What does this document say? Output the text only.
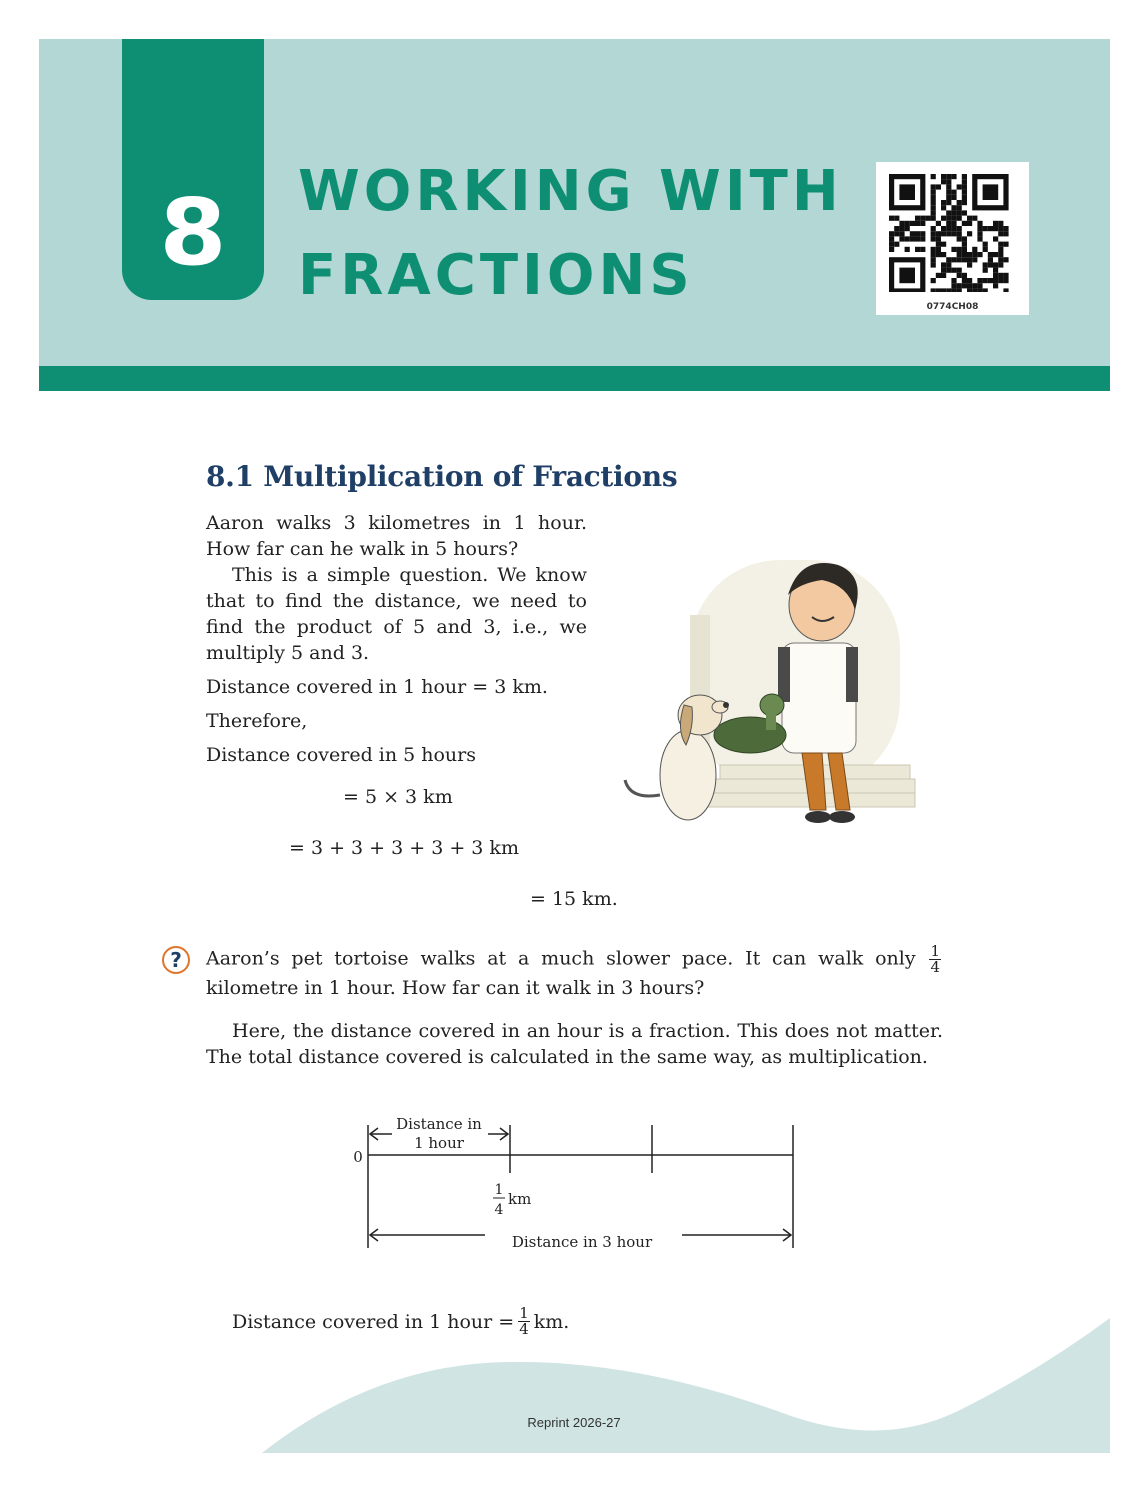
8 WORKING WITH
FRACTIONS	0774CH08
8.1 Multiplication of Fractions

Aaron walks 3 kilometres in 1 hour. How far can he walk in 5 hours?

This is a simple question. We know that to find the distance, we need to find the product of 5 and 3, i.e., we multiply 5 and 3.

Distance covered in 1 hour = 3 km.
Therefore,
Distance covered in 5 hours
= 5 × 3 km
= 3 + 3 + 3 + 3 + 3 km
= 15 km.
?	Aaron’s pet tortoise walks at a much slower pace. It can walk only $\frac{1}{4}$
kilometre in 1 hour. How far can it walk in 3 hours?

Here, the distance covered in an hour is a fraction. This does not matter. The total distance covered is calculated in the same way, as multiplication.

Distance in
1 hour
0
1
4
km
Distance in 3 hour
Distance covered in 1 hour = $\frac{1}{4}$ km.
Reprint 2026-27
